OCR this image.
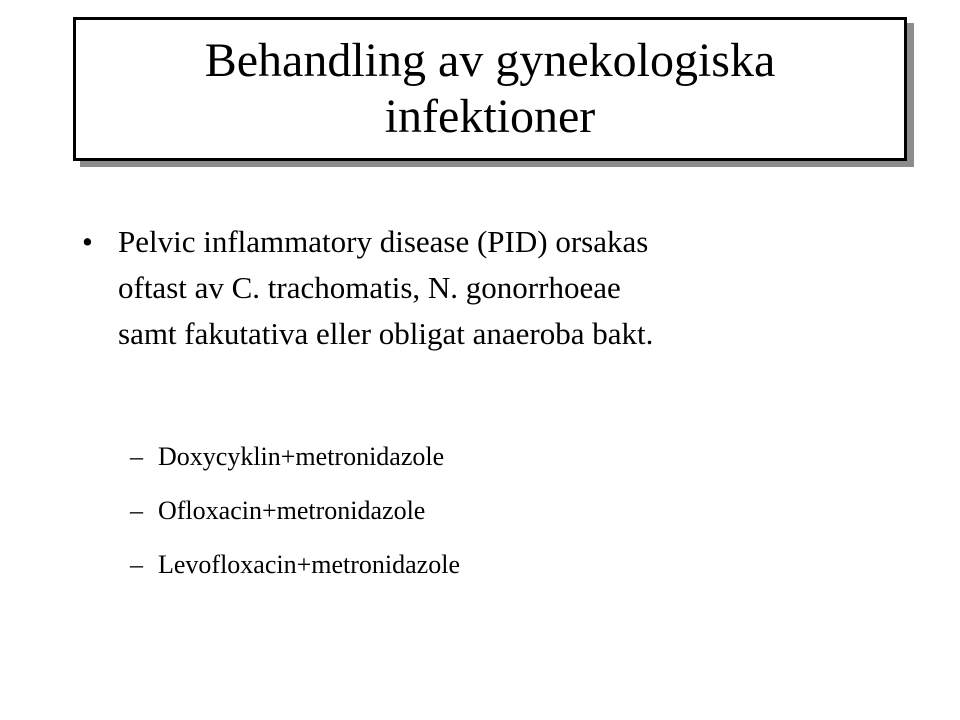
Behandling av gynekologiska
infektioner
• Pelvic inflammatory disease (PID) orsakas
oftast av C. trachomatis, N. gonorrhoeae
samt fakutativa eller obligat anaeroba bakt.
– Doxycyklin+metronidazole
– Ofloxacin+metronidazole
– Levofloxacin+metronidazole
